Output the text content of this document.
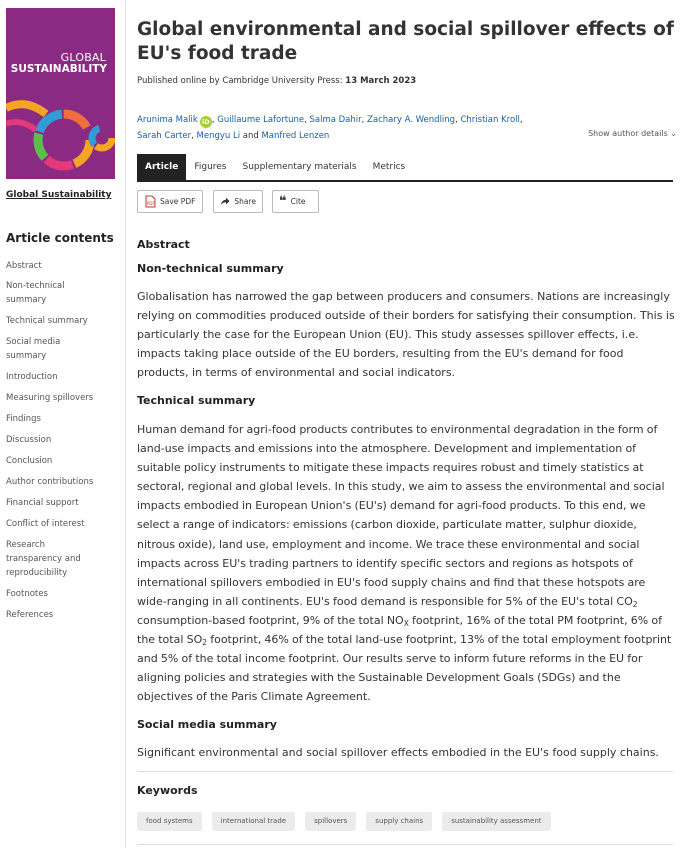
GLOBAL
SUSTAINABILITY
Global Sustainability
Article contents
Abstract
Non-technical summary
Technical summary
Social media summary
Introduction
Measuring spillovers
Findings
Discussion
Conclusion
Author contributions
Financial support
Conflict of interest
Research transparency and reproducibility
Footnotes
References
Global environmental and social spillover effects of EU's food trade
Published online by Cambridge University Press: 13 March 2023
Arunima Malik iD , Guillaume Lafortune, Salma Dahir, Zachary A. Wendling, Christian Kroll,
Sarah Carter, Mengyu Li and Manfred Lenzen	Show author details ⌄
Article	Figures	Supplementary materials	Metrics
PDF Save PDF	Share ❝ Cite
Abstract
Non-technical summary

Globalisation has narrowed the gap between producers and consumers. Nations are increasingly relying on commodities produced outside of their borders for satisfying their consumption. This is particularly the case for the European Union (EU). This study assesses spillover effects, i.e. impacts taking place outside of the EU borders, resulting from the EU's demand for food products, in terms of environmental and social indicators.

Technical summary

Human demand for agri-food products contributes to environmental degradation in the form of land-use impacts and emissions into the atmosphere. Development and implementation of suitable policy instruments to mitigate these impacts requires robust and timely statistics at sectoral, regional and global levels. In this study, we aim to assess the environmental and social impacts embodied in European Union's (EU's) demand for agri-food products. To this end, we select a range of indicators: emissions (carbon dioxide, particulate matter, sulphur dioxide, nitrous oxide), land use, employment and income. We trace these environmental and social impacts across EU's trading partners to identify specific sectors and regions as hotspots of international spillovers embodied in EU's food supply chains and find that these hotspots are wide-ranging in all continents. EU's food demand is responsible for 5% of the EU's total $CO_2$ consumption-based footprint, 9% of the total $NO_X$ footprint, 16% of the total PM footprint, 6% of the total $SO_2$ footprint, 46% of the total land-use footprint, 13% of the total employment footprint and 5% of the total income footprint. Our results serve to inform future reforms in the EU for aligning policies and strategies with the Sustainable Development Goals (SDGs) and the objectives of the Paris Climate Agreement.

Social media summary

Significant environmental and social spillover effects embodied in the EU's food supply chains.

Keywords
food systems	international trade	spillovers	supply chains	sustainability assessment
